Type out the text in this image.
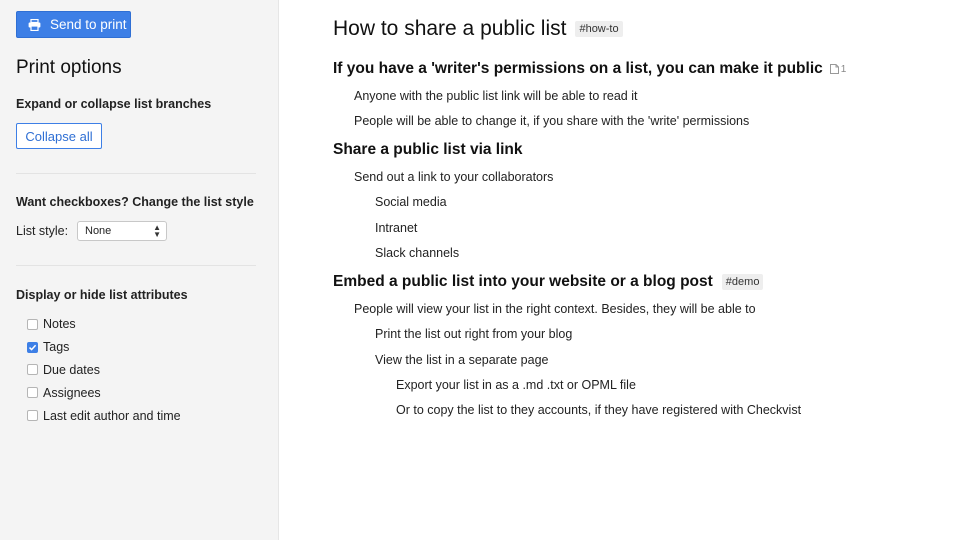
Send to print
Print options
Expand or collapse list branches
Collapse all
Want checkboxes? Change the list style
List style: None	▲
▼
Display or hide list attributes
Notes
Tags
Due dates
Assignees
Last edit author and time
How to share a public list	#how-to
If you have a 'writer's permissions on a list, you can make it public 1
Anyone with the public list link will be able to read it
People will be able to change it, if you share with the 'write' permissions
Share a public list via link
Send out a link to your collaborators
Social media
Intranet
Slack channels
Embed a public list into your website or a blog post	#demo
People will view your list in the right context. Besides, they will be able to
Print the list out right from your blog
View the list in a separate page
Export your list in as a .md .txt or OPML file
Or to copy the list to they accounts, if they have registered with Checkvist
